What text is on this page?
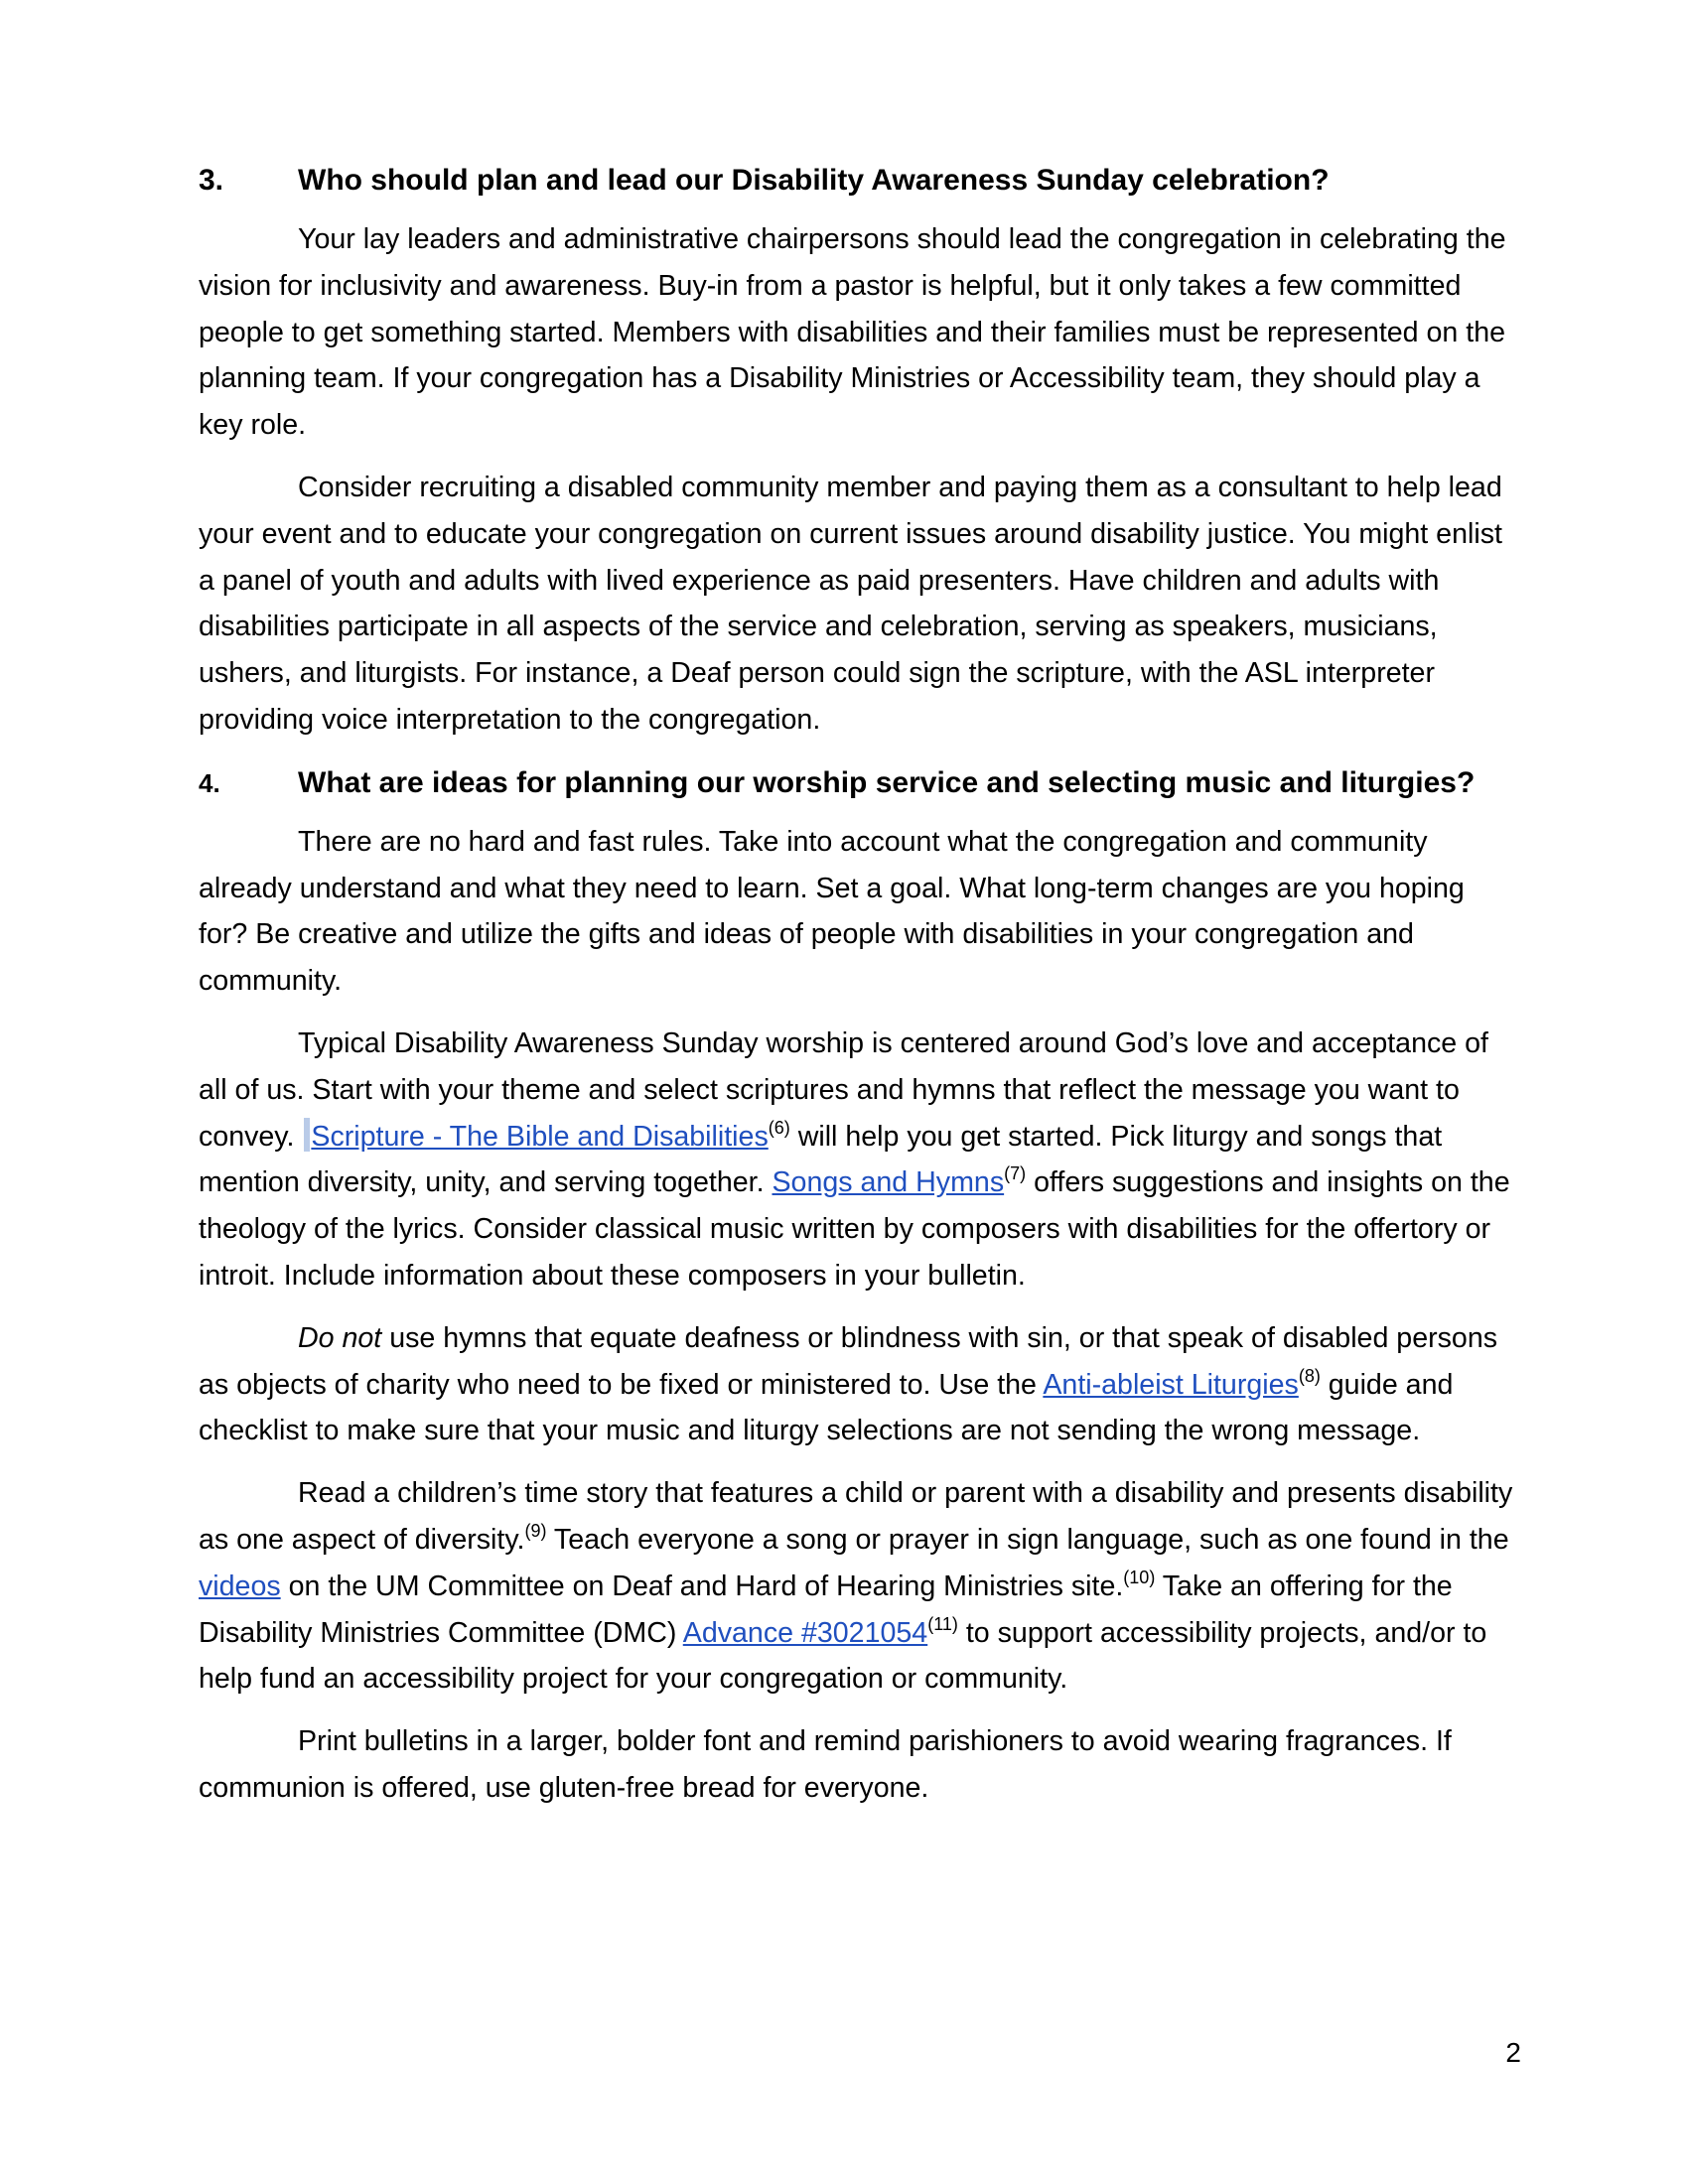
3.	Who should plan and lead our Disability Awareness Sunday celebration?

Your lay leaders and administrative chairpersons should lead the congregation in celebrating the vision for inclusivity and awareness. Buy-in from a pastor is helpful, but it only takes a few committed people to get something started. Members with disabilities and their families must be represented on the planning team. If your congregation has a Disability Ministries or Accessibility team, they should play a key role.

Consider recruiting a disabled community member and paying them as a consultant to help lead your event and to educate your congregation on current issues around disability justice. You might enlist a panel of youth and adults with lived experience as paid presenters. Have children and adults with disabilities participate in all aspects of the service and celebration, serving as speakers, musicians, ushers, and liturgists. For instance, a Deaf person could sign the scripture, with the ASL interpreter providing voice interpretation to the congregation.

4.	What are ideas for planning our worship service and selecting music and liturgies?

There are no hard and fast rules. Take into account what the congregation and community already understand and what they need to learn. Set a goal. What long-term changes are you hoping for? Be creative and utilize the gifts and ideas of people with disabilities in your congregation and community.

Typical Disability Awareness Sunday worship is centered around God’s love and acceptance of all of us. Start with your theme and select scriptures and hymns that reflect the message you want to convey. Scripture - The Bible and Disabilities$^{(6)}$ will help you get started. Pick liturgy and songs that mention diversity, unity, and serving together. Songs and Hymns$^{(7)}$ offers suggestions and insights on the theology of the lyrics. Consider classical music written by composers with disabilities for the offertory or introit. Include information about these composers in your bulletin.

Do not use hymns that equate deafness or blindness with sin, or that speak of disabled persons as objects of charity who need to be fixed or ministered to. Use the Anti-ableist Liturgies$^{(8)}$ guide and checklist to make sure that your music and liturgy selections are not sending the wrong message.

Read a children’s time story that features a child or parent with a disability and presents disability as one aspect of diversity.$^{(9)}$ Teach everyone a song or prayer in sign language, such as one found in the videos on the UM Committee on Deaf and Hard of Hearing Ministries site.$^{(10)}$ Take an offering for the Disability Ministries Committee (DMC) Advance #3021054$^{(11)}$ to support accessibility projects, and/or to help fund an accessibility project for your congregation or community.

Print bulletins in a larger, bolder font and remind parishioners to avoid wearing fragrances. If communion is offered, use gluten-free bread for everyone.

2
